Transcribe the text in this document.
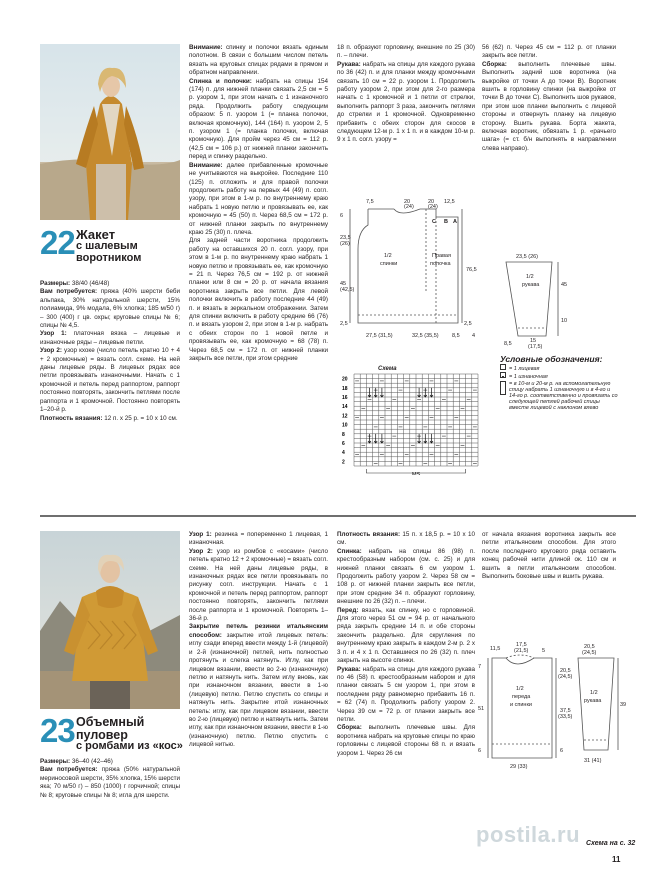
22 Жакет
с шалевым
воротником

Размеры: 38/40 (46/48)

Вам потребуется: пряжа (40% шерсти беби альпака, 30% натуральной шерсти, 15% полиамида, 9% модала, 6% хлопка; 185 м/50 г) – 300 (400) г цв. охры; круговые спицы № 6; спицы № 4,5.

Узор 1: платочная вязка – лицевые и изнаночные ряды – лицевые петли.

Узор 2: узор кхоке (число петель кратно 10 + 4 + 2 кромочные) = вязать согл. схеме. На ней даны лицевые ряды. В лицевых рядах все петли провязывать изнаночными. Начать с 1 кромочной и петель перед раппортом, раппорт постоянно повторять, закончить петлями после раппорта и 1 кромочной. Постоянно повторять 1–20-й р.

Плотность вязания: 12 п. x 25 р. = 10 x 10 см.

Внимание: спинку и полочки вязать единым полотном. В связи с большим числом петель вязать на круговых спицах рядами в прямом и обратном направлении.

Спинка и полочки: набрать на спицы 154 (174) п. для нижней планки связать 2,5 см = 5 р. узором 1, при этом начать с 1 изнаночного ряда. Продолжить работу следующим образом: 5 п. узором 1 (= планка полочки, включая кромочную), 144 (164) п. узором 2, 5 п. узором 1 (= планка полочки, включая кромочную). Для пройм через 45 см = 112 р. (42,5 см = 106 р.) от нижней планки закончить перед и спинку раздельно.

Внимание: далее прибавленные кромочные не учитываются на выкройке. Последние 110 (125) п. отложить и для правой полочки продолжить работу на первых 44 (49) п. согл. узору, при этом в 1-м р. по внутреннему краю набрать 1 новую петлю и провязывать ее, как кромочную = 45 (50) п. Через 68,5 см = 172 р. от нижней планки закрыть по внутреннему краю 25 (30) п. плеча.

Для задней части воротника продолжить работу на оставшихся 20 п. согл. узору, при этом в 1-м р. по внутреннему краю набрать 1 новую петлю и провязывать ее, как кромочную = 21 п. Через 76,5 см = 192 р. от нижней планки или 8 см = 20 р. от начала вязания воротника закрыть все петли. Для левой полочки включить в работу последние 44 (49) п. и вязать в зеркальном отображении. Затем для спинки включить в работу средние 66 (76) п. и вязать узором 2, при этом в 1-м р. набрать с обеих сторон по 1 новой петле и провязывать ее, как кромочную = 68 (78) п. Через 68,5 см = 172 п. от нижней планки закрыть все петли, при этом средние

18 п. образуют горловину, внешние по 25 (30) п. – плечи.

Рукава: набрать на спицы для каждого рукава по 36 (42) п. и для планки между кромочными связать 10 см = 22 р. узором 1. Продолжить работу узором 2, при этом для 2-го размера начать с 1 кромочной и 1 петли от стрелки, выполнить раппорт 3 раза, закончить петлями до стрелки и 1 кромочной. Одновременно прибавить с обеих сторон для скосов в следующем 12-м р. 1 x 1 п. и в каждом 10-м р. 9 x 1 п. согл. узору =

56 (62) п. Через 45 см = 112 р. от планки закрыть все петли.

Сборка: выполнить плечевые швы. Выполнить задний шов воротника (на выкройке от точки A до точки B). Воротник вшить в горловину спинки (на выкройке от точки B до точки C). Выполнить шов рукавов, при этом шов планки выполнить с лицевой стороны и отвернуть планку на лицевую сторону. Вшить рукава. Борта жакета, включая воротник, обвязать 1 р. «рачьего шага» (= ст. б/н выполнять в направлении слева направо).

7,5	20
(24)
20
(24)
12,5
A
B
C
6
23,5
(26)
45
(42,5)
2,5
76,5
2,5
27,5 (31,5)	32,5 (35,5) 8,5 4
1/2
спинки
Правая
полочка
23,5 (26)
45
1/2
рукава
10
8,5	15
(17,5)
Схема
20
18
16
14
12
10
8
6
4
2
MS
Условные обозначения:
= 1 лицевая
= 1 изнаночная
= в 10-м и 20-м р. на вспомогательную спицу набрать 1 изнаночную и в 4-го и 14-го р. соответственно и провязать со следующей петлей рабочей спицы вместе лицевой с наклоном влево
23 Объемный
пуловер
с ромбами из «кос»

Размеры: 36–40 (42–46)

Вам потребуется: пряжа (50% натуральной мериносовой шерсти, 35% хлопка, 15% шерсти яка; 70 м/50 г) – 850 (1000) г горчичной; спицы № 8; круговые спицы № 8; игла для шерсти.

Узор 1: резинка = попеременно 1 лицевая, 1 изнаночная.

Узор 2: узор из ромбов с «косами» (число петель кратно 12 + 2 кромочные) = вязать согл. схеме. На ней даны лицевые ряды, в изнаночных рядах все петли провязывать по рисунку согл. инструкции. Начать с 1 кромочной и петель перед раппортом, раппорт постоянно повторять, закончить петлями после раппорта и 1 кромочной. Повторять 1–36-й р.

Закрытие петель резинки итальянским способом: закрытие итой лицевых петель: иглу сзади вперед ввести между 1-й (лицевой) и 2-й (изнаночной) петлей, нить полностью протянуть и слегка натянуть. Иглу, как при лицевом вязании, ввести во 2-ю (изнаночную) петлю и натянуть нить. Затем иглу вновь, как при изнаночном вязании, ввести в 1-ю (лицевую) петлю. Петлю спустить со спицы и натянуть нить. Закрытие итой изнаночных петель: иглу, как при лицевом вязании, ввести во 2-ю (лицевую) петлю и натянуть нить. Затем иглу, как при изнаночном вязании, ввести в 1-ю (изнаночную) петлю. Петлю спустить с лицевой нитью.

Плотность вязания: 15 п. x 18,5 р. = 10 x 10 см.

Спинка: набрать на спицы 86 (98) п. крестообразным набором (см. с. 25) и для нижней планки связать 6 см узором 1. Продолжить работу узором 2. Через 58 см = 108 р. от нижней планки закрыть все петли, при этом средние 34 п. образуют горловину, внешние по 26 (32) п. – плечи.

Перед: вязать, как спинку, но с горловиной. Для этого через 51 см = 94 р. от начального ряда закрыть средние 14 п. и обе стороны закончить раздельно. Для скругления по внутреннему краю закрыть в каждом 2-м р. 2 x 3 п. и 4 x 1 п. Оставшиеся по 26 (32) п. плеч закрыть на высоте спинки.

Рукава: набрать на спицы для каждого рукава по 46 (58) п. крестообразным набором и для планки связать 5 см узором 1, при этом в последнем ряду равномерно прибавить 16 п. = 62 (74) п. Продолжить работу узором 2. Через 39 см = 72 р. от планки закрыть все петли.

Сборка: выполнить плечевые швы. Для воротника набрать на круговые спицы по краю горловины с лицевой стороны 68 п. и вязать узором 1. Через 26 см

от начала вязания воротника закрыть все петли итальянским способом. Для этого после последнего кругового ряда оставить конец рабочей нити длиной ок. 110 см и вшить в петли итальянским способом. Выполнить боковые швы и вшить рукава.

11,5
17,5
(21,5) 5
7
51
6
20,5
(24,5)
37,5
(33,5)
6
1/2
переда
и спинки
29 (33)
20,5
(24,5)
39
1/2
рукава
31 (41)
Схема на с. 32
postila.ru
11
